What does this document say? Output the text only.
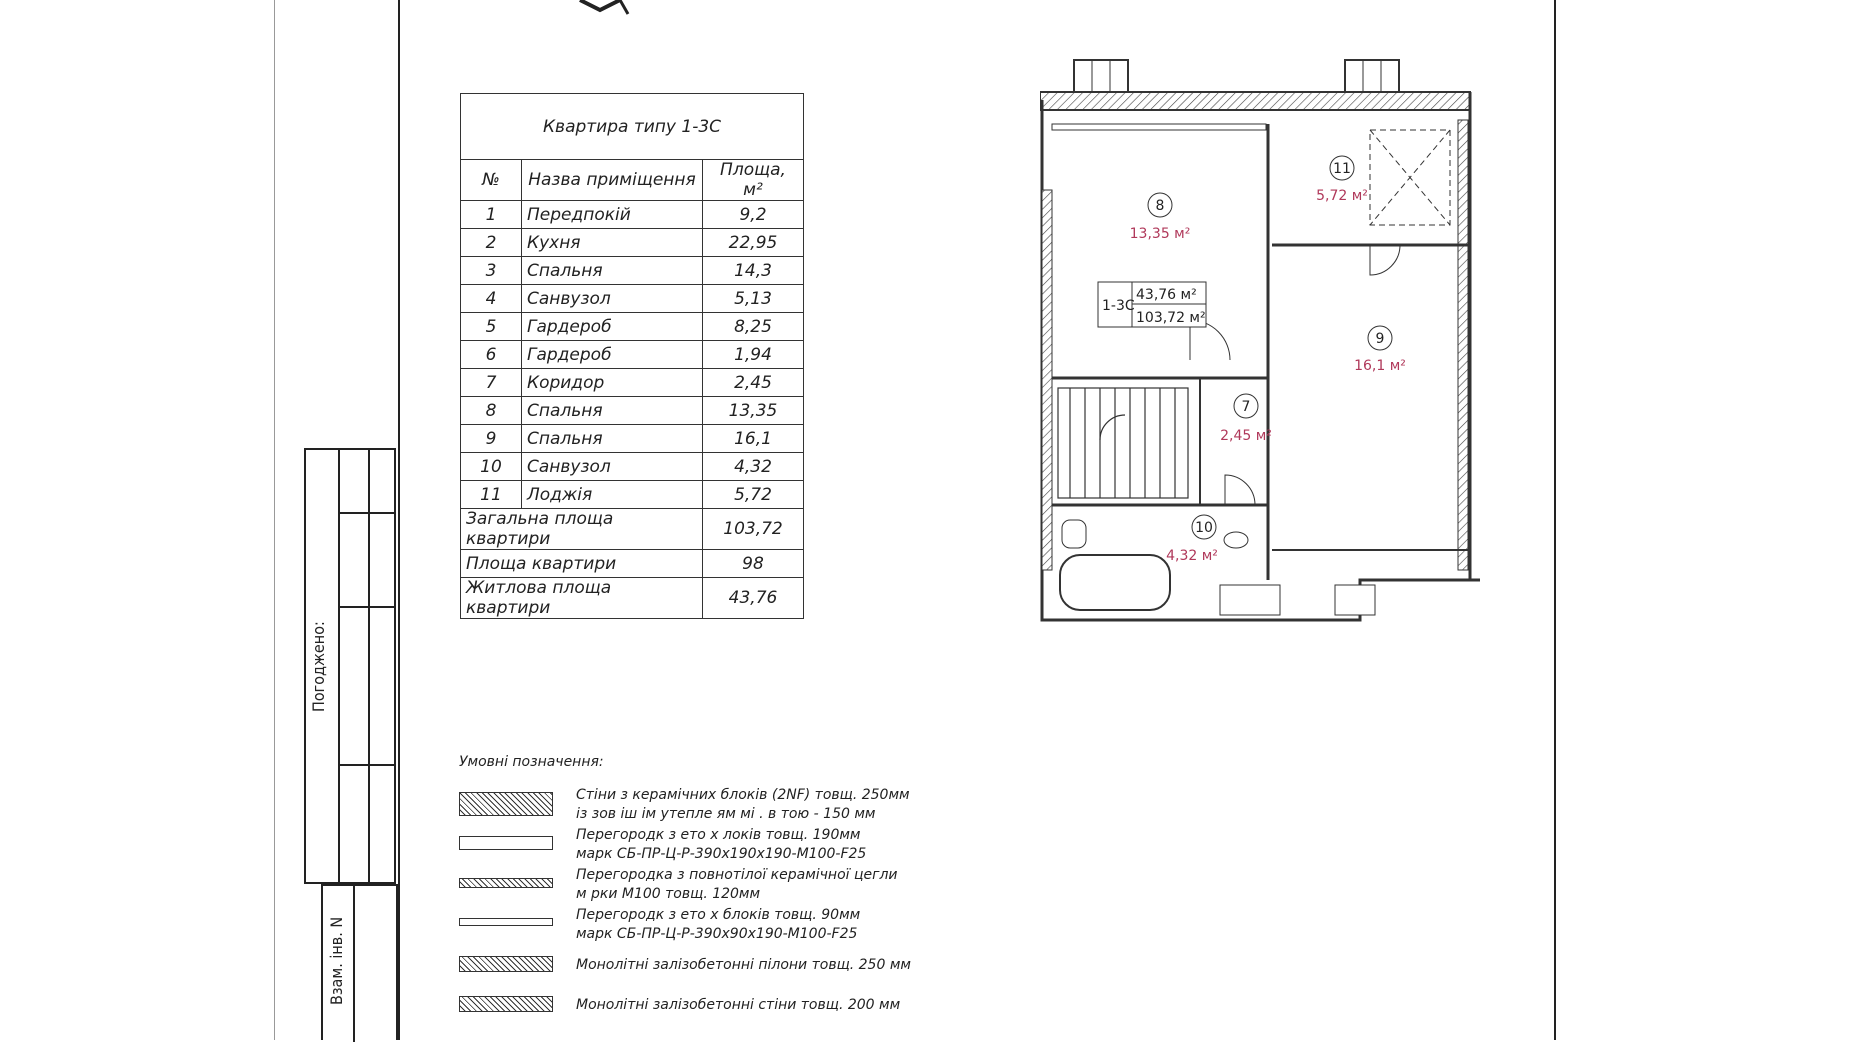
Погоджено:
Взам. інв. N
Квартира типу 1-3С		
№	Назва приміщення	Площа, м²
1	Передпокій	9,2
2	Кухня	22,95
3	Спальня	14,3
4	Санвузол	5,13
5	Гардероб	8,25
6	Гардероб	1,94
7	Коридор	2,45
8	Спальня	13,35
9	Спальня	16,1
10	Санвузол	4,32
11	Лоджія	5,72
Загальна площа квартири		103,72
Площа квартири		98
Житлова площа квартири		43,76
1-3С
43,76 м²
103,72 м²
8
13,35 м²
11
5,72 м²
9
16,1 м²
7
2,45 м²
10
4,32 м²
Умовні позначення:
Стіни з керамічних блоків (2NF) товщ. 250мм
із зов іш ім утепле ям мі . в тою - 150 мм
Перегородк з ето х локів товщ. 190мм
марк СБ-ПР-Ц-Р-390х190х190-М100-F25
Перегородка з повнотілої керамічної цегли
м рки М100 товщ. 120мм
Перегородк з ето х блоків товщ. 90мм
марк СБ-ПР-Ц-Р-390х90х190-М100-F25
Монолітні залізобетонні пілони товщ. 250 мм
Монолітні залізобетонні стіни товщ. 200 мм
